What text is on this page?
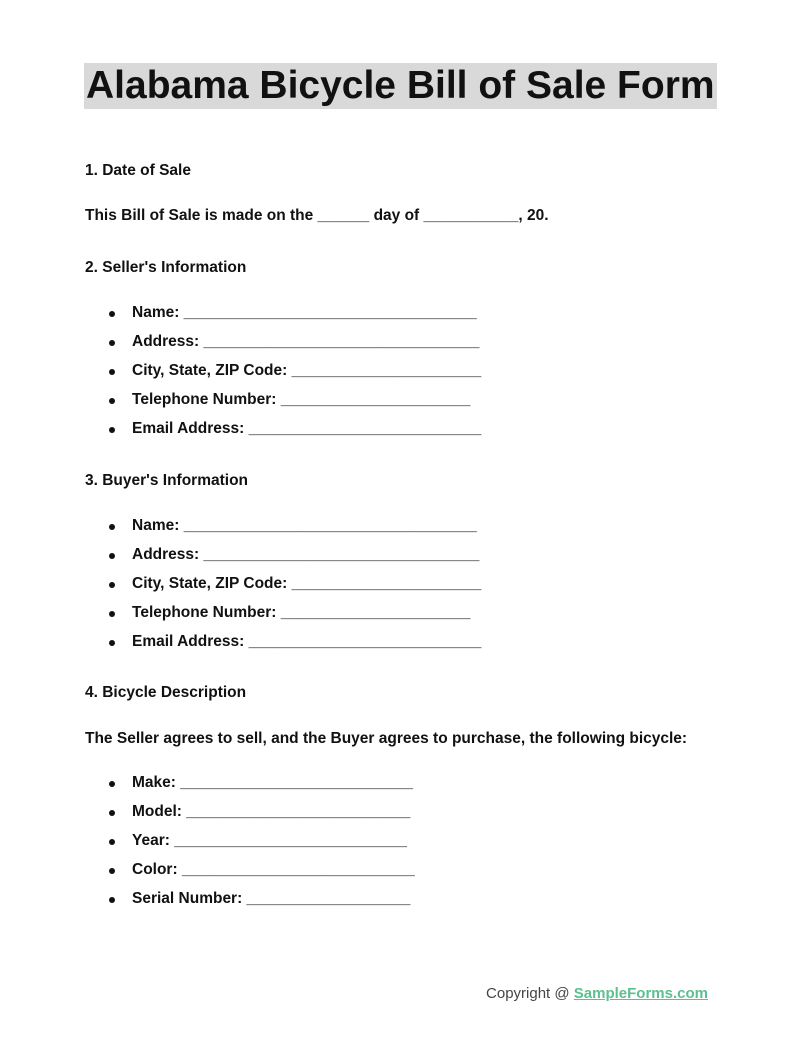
Alabama Bicycle Bill of Sale Form
1. Date of Sale
This Bill of Sale is made on the ______ day of ___________, 20.
2. Seller's Information
Name: __________________________________
Address: ________________________________
City, State, ZIP Code: ______________________
Telephone Number: ______________________
Email Address: ___________________________
3. Buyer's Information
Name: __________________________________
Address: ________________________________
City, State, ZIP Code: ______________________
Telephone Number: ______________________
Email Address: ___________________________
4. Bicycle Description
The Seller agrees to sell, and the Buyer agrees to purchase, the following bicycle:
Make: ___________________________
Model: __________________________
Year: ___________________________
Color: ___________________________
Serial Number: ___________________
Copyright @ SampleForms.com
